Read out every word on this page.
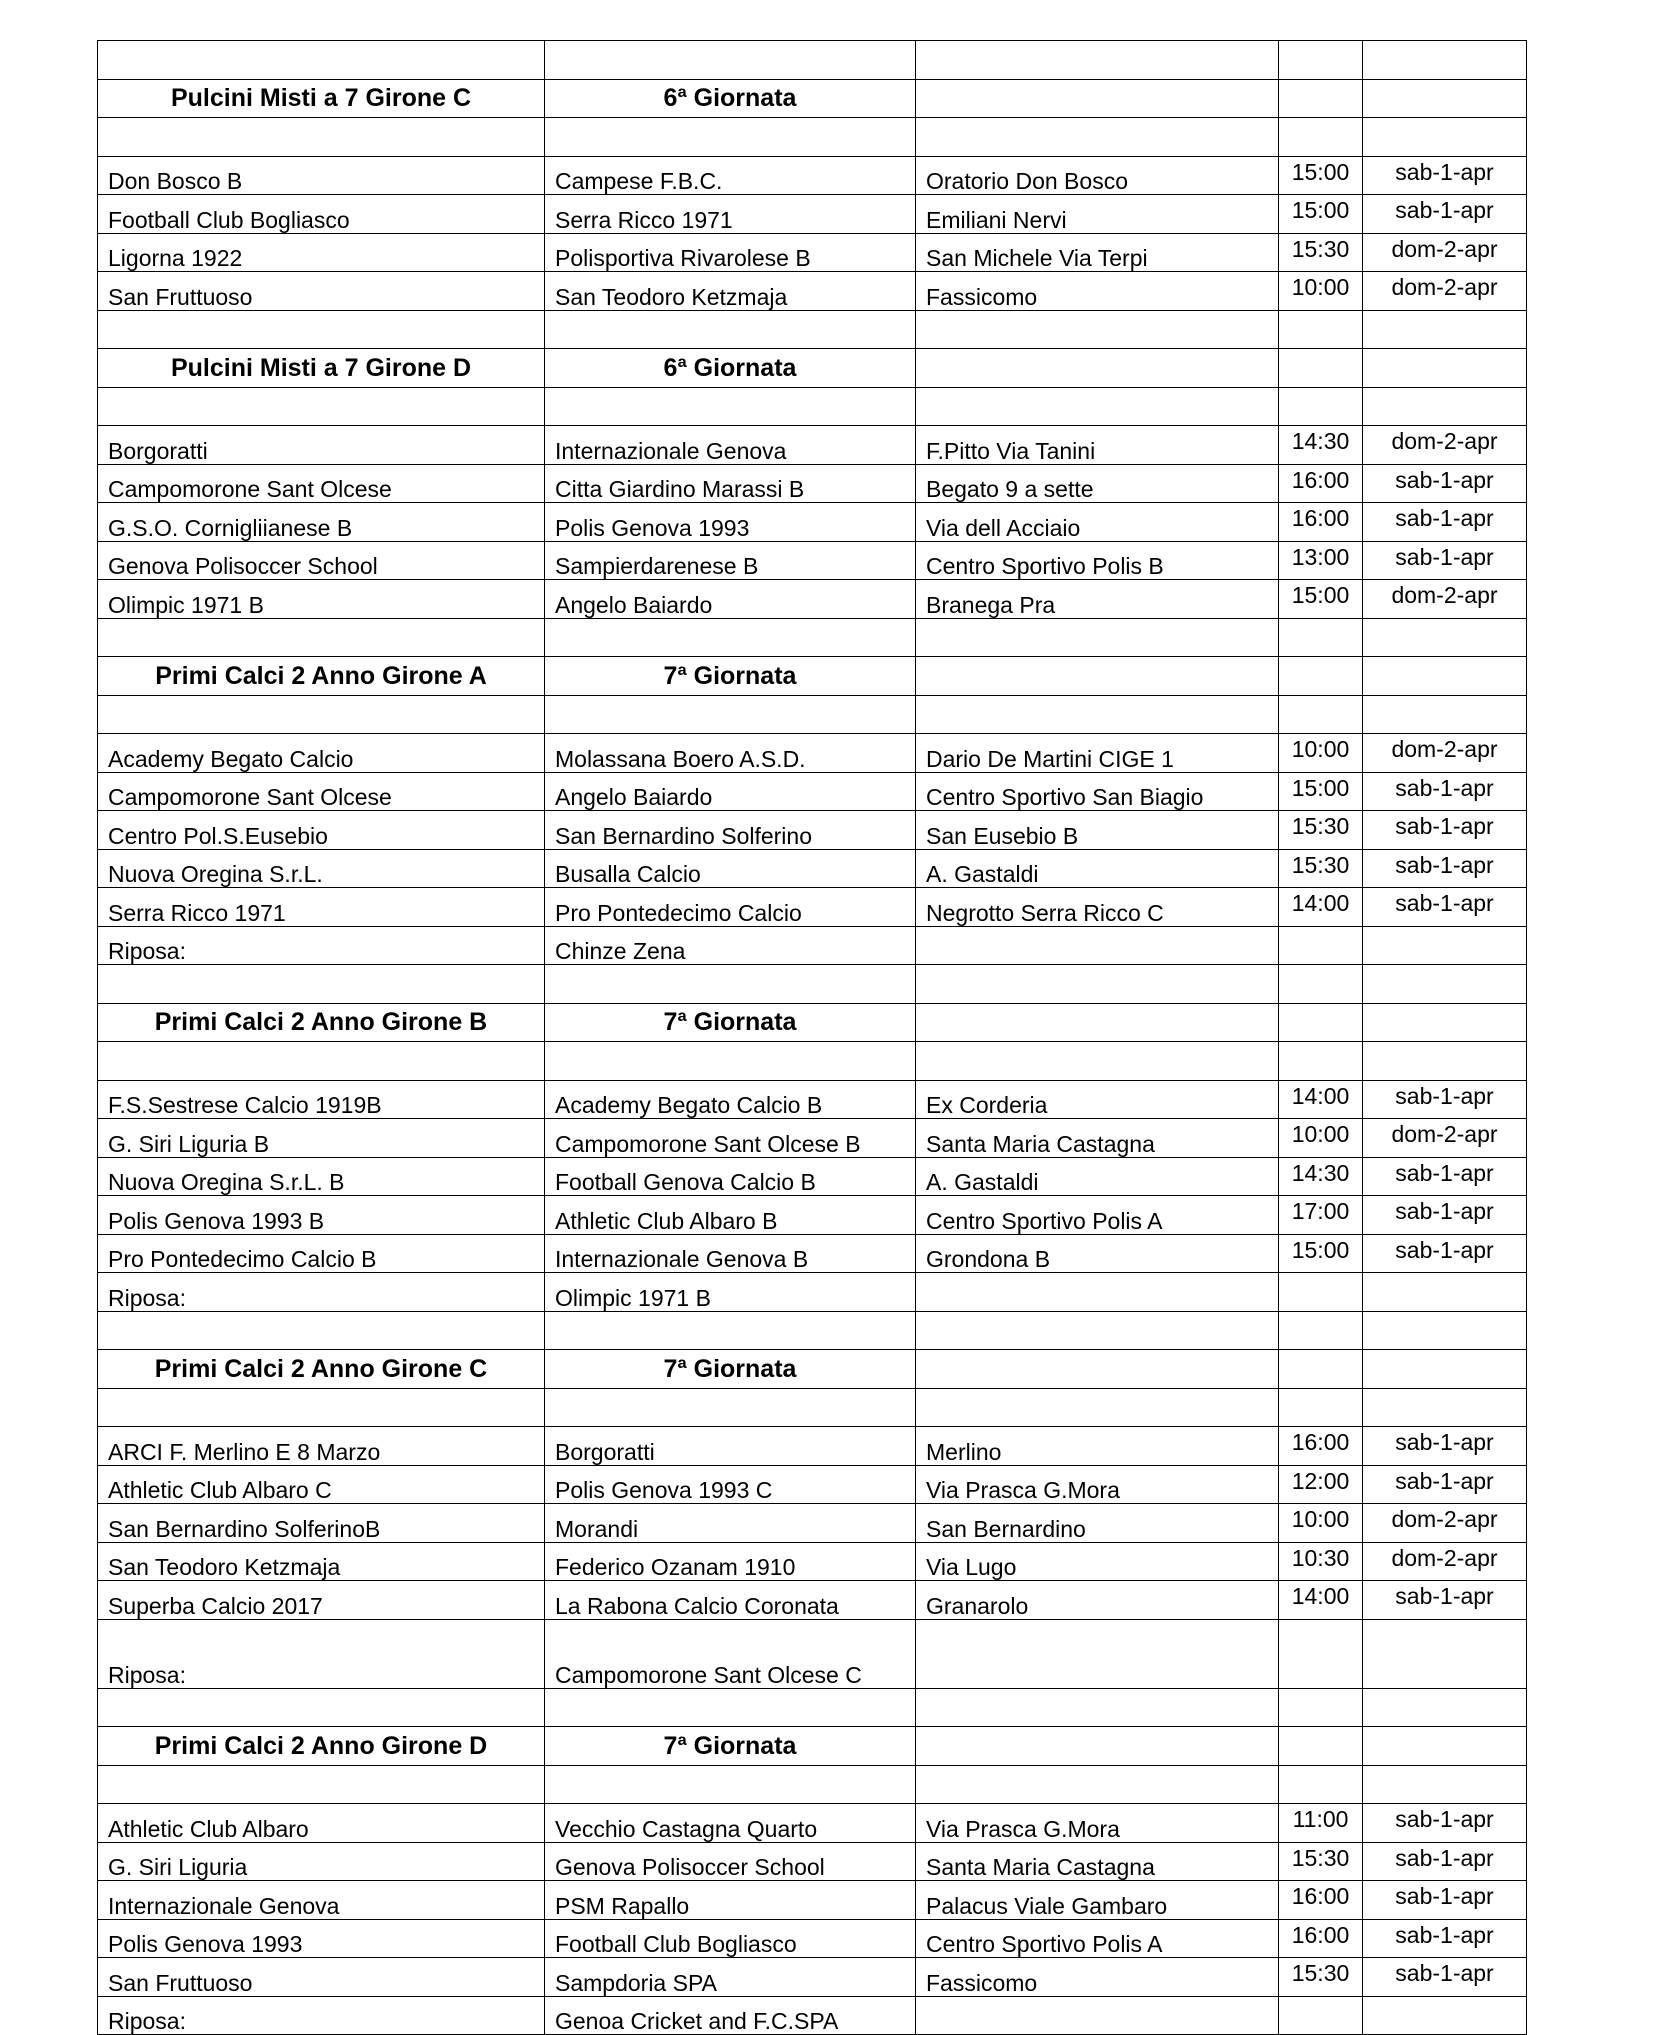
Pulcini Misti a 7 Girone C	6ª Giornata			

Don Bosco B	Campese F.B.C.	Oratorio Don Bosco	15:00	sab-1-apr
Football Club Bogliasco	Serra Ricco 1971	Emiliani Nervi	15:00	sab-1-apr
Ligorna 1922	Polisportiva Rivarolese B	San Michele Via Terpi	15:30	dom-2-apr
San Fruttuoso	San Teodoro Ketzmaja	Fassicomo	10:00	dom-2-apr

Pulcini Misti a 7 Girone D	6ª Giornata			

Borgoratti	Internazionale Genova	F.Pitto Via Tanini	14:30	dom-2-apr
Campomorone Sant Olcese	Citta Giardino Marassi B	Begato 9 a sette	16:00	sab-1-apr
G.S.O. Cornigliianese B	Polis Genova 1993	Via dell Acciaio	16:00	sab-1-apr
Genova Polisoccer School	Sampierdarenese B	Centro Sportivo Polis B	13:00	sab-1-apr
Olimpic 1971 B	Angelo Baiardo	Branega Pra	15:00	dom-2-apr

Primi Calci 2 Anno Girone A	7ª Giornata			

Academy Begato Calcio	Molassana Boero A.S.D.	Dario De Martini CIGE 1	10:00	dom-2-apr
Campomorone Sant Olcese	Angelo Baiardo	Centro Sportivo San Biagio	15:00	sab-1-apr
Centro Pol.S.Eusebio	San Bernardino Solferino	San Eusebio B	15:30	sab-1-apr
Nuova Oregina S.r.L.	Busalla Calcio	A. Gastaldi	15:30	sab-1-apr
Serra Ricco 1971	Pro Pontedecimo Calcio	Negrotto Serra Ricco C	14:00	sab-1-apr
Riposa:	Chinze Zena			

Primi Calci 2 Anno Girone B	7ª Giornata			

F.S.Sestrese Calcio 1919B	Academy Begato Calcio B	Ex Corderia	14:00	sab-1-apr
G. Siri Liguria B	Campomorone Sant Olcese B	Santa Maria Castagna	10:00	dom-2-apr
Nuova Oregina S.r.L. B	Football Genova Calcio B	A. Gastaldi	14:30	sab-1-apr
Polis Genova 1993 B	Athletic Club Albaro B	Centro Sportivo Polis A	17:00	sab-1-apr
Pro Pontedecimo Calcio B	Internazionale Genova B	Grondona B	15:00	sab-1-apr
Riposa:	Olimpic 1971 B			

Primi Calci 2 Anno Girone C	7ª Giornata			

ARCI F. Merlino E 8 Marzo	Borgoratti	Merlino	16:00	sab-1-apr
Athletic Club Albaro C	Polis Genova 1993 C	Via Prasca G.Mora	12:00	sab-1-apr
San Bernardino SolferinoB	Morandi	San Bernardino	10:00	dom-2-apr
San Teodoro Ketzmaja	Federico Ozanam 1910	Via Lugo	10:30	dom-2-apr
Superba Calcio 2017	La Rabona Calcio Coronata	Granarolo	14:00	sab-1-apr
Riposa:	Campomorone Sant Olcese C			

Primi Calci 2 Anno Girone D	7ª Giornata			

Athletic Club Albaro	Vecchio Castagna Quarto	Via Prasca G.Mora	11:00	sab-1-apr
G. Siri Liguria	Genova Polisoccer School	Santa Maria Castagna	15:30	sab-1-apr
Internazionale Genova	PSM Rapallo	Palacus Viale Gambaro	16:00	sab-1-apr
Polis Genova 1993	Football Club Bogliasco	Centro Sportivo Polis A	16:00	sab-1-apr
San Fruttuoso	Sampdoria SPA	Fassicomo	15:30	sab-1-apr
Riposa:	Genoa Cricket and F.C.SPA			
